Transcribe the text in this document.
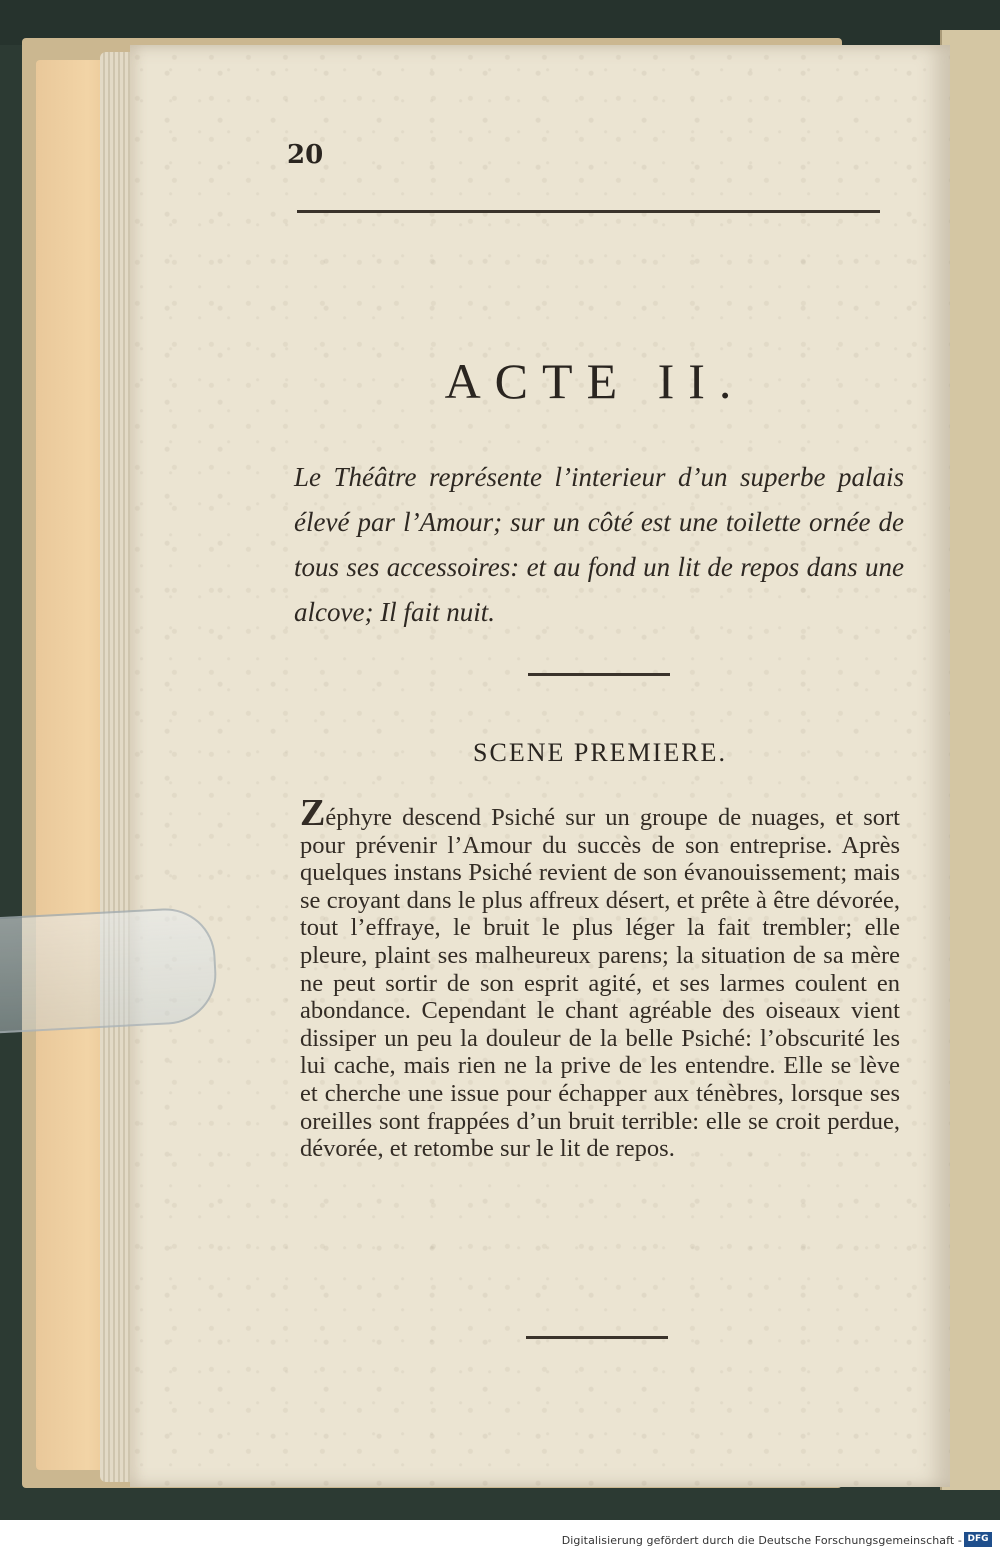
20
ACTE II.
Le Théâtre représente l’interieur d’un superbe palais élevé par l’Amour; sur un côté est une toilette ornée de tous ses accessoires: et au fond un lit de repos dans une alcove; Il fait nuit.
SCENE PREMIERE.
Zéphyre descend Psiché sur un groupe de nuages, et sort pour prévenir l’Amour du succès de son entreprise. Après quelques instans Psiché revient de son évanouissement; mais se croyant dans le plus affreux désert, et prête à être dévorée, tout l’effraye, le bruit le plus léger la fait trembler; elle pleure, plaint ses malheureux parens; la situation de sa mère ne peut sortir de son esprit agité, et ses larmes coulent en abondance. Cependant le chant agréable des oiseaux vient dissiper un peu la douleur de la belle Psiché: l’obscurité les lui cache, mais rien ne la prive de les entendre. Elle se lève et cherche une issue pour échapper aux ténèbres, lorsque ses oreilles sont frappées d’un bruit terrible: elle se croit perdue, dévorée, et retombe sur le lit de repos.
Digitalisierung gefördert durch die Deutsche Forschungsgemeinschaft - DFG
